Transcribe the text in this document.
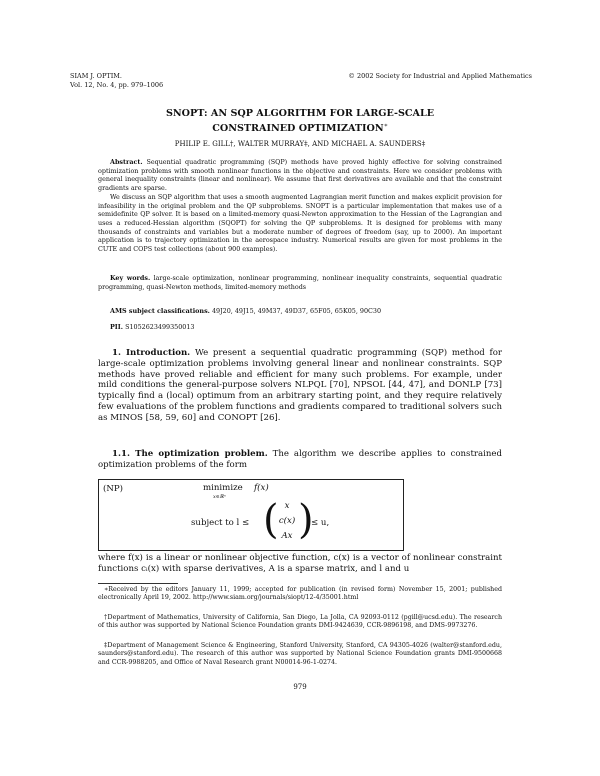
SIAM J. OPTIM.
Vol. 12, No. 4, pp. 979–1006
© 2002 Society for Industrial and Applied Mathematics
SNOPT: AN SQP ALGORITHM FOR LARGE-SCALE
CONSTRAINED OPTIMIZATION∗
PHILIP E. GILL†, WALTER MURRAY‡, AND MICHAEL A. SAUNDERS‡
Abstract. Sequential quadratic programming (SQP) methods have proved highly effective for solving constrained optimization problems with smooth nonlinear functions in the objective and constraints. Here we consider problems with general inequality constraints (linear and nonlinear). We assume that first derivatives are available and that the constraint gradients are sparse.
We discuss an SQP algorithm that uses a smooth augmented Lagrangian merit function and makes explicit provision for infeasibility in the original problem and the QP subproblems. SNOPT is a particular implementation that makes use of a semidefinite QP solver. It is based on a limited-memory quasi-Newton approximation to the Hessian of the Lagrangian and uses a reduced-Hessian algorithm (SQOPT) for solving the QP subproblems. It is designed for problems with many thousands of constraints and variables but a moderate number of degrees of freedom (say, up to 2000). An important application is to trajectory optimization in the aerospace industry. Numerical results are given for most problems in the CUTE and COPS test collections (about 900 examples).
Key words. large-scale optimization, nonlinear programming, nonlinear inequality constraints, sequential quadratic programming, quasi-Newton methods, limited-memory methods
AMS subject classifications. 49J20, 49J15, 49M37, 49D37, 65F05, 65K05, 90C30
PII. S1052623499350013
1. Introduction. We present a sequential quadratic programming (SQP) method for large-scale optimization problems involving general linear and nonlinear constraints. SQP methods have proved reliable and efficient for many such problems. For example, under mild conditions the general-purpose solvers NLPQL [70], NPSOL [44, 47], and DONLP [73] typically find a (local) optimum from an arbitrary starting point, and they require relatively few evaluations of the problem functions and gradients compared to traditional solvers such as MINOS [58, 59, 60] and CONOPT [26].
1.1. The optimization problem. The algorithm we describe applies to constrained optimization problems of the form
(NP)	minimize
x∈ℝⁿ
f(x)
subject to l ≤ ( x
c(x)
Ax )
≤ u,
where f(x) is a linear or nonlinear objective function, c(x) is a vector of nonlinear constraint functions cᵢ(x) with sparse derivatives, A is a sparse matrix, and l and u
∗Received by the editors January 11, 1999; accepted for publication (in revised form) November 15, 2001; published electronically April 19, 2002. http://www.siam.org/journals/siopt/12-4/35001.html
†Department of Mathematics, University of California, San Diego, La Jolla, CA 92093-0112 (pgill@ucsd.edu). The research of this author was supported by National Science Foundation grants DMI-9424639, CCR-9896198, and DMS-9973276.
‡Department of Management Science & Engineering, Stanford University, Stanford, CA 94305-4026 (walter@stanford.edu, saunders@stanford.edu). The research of this author was supported by National Science Foundation grants DMI-9500668 and CCR-9988205, and Office of Naval Research grant N00014-96-1-0274.
979
